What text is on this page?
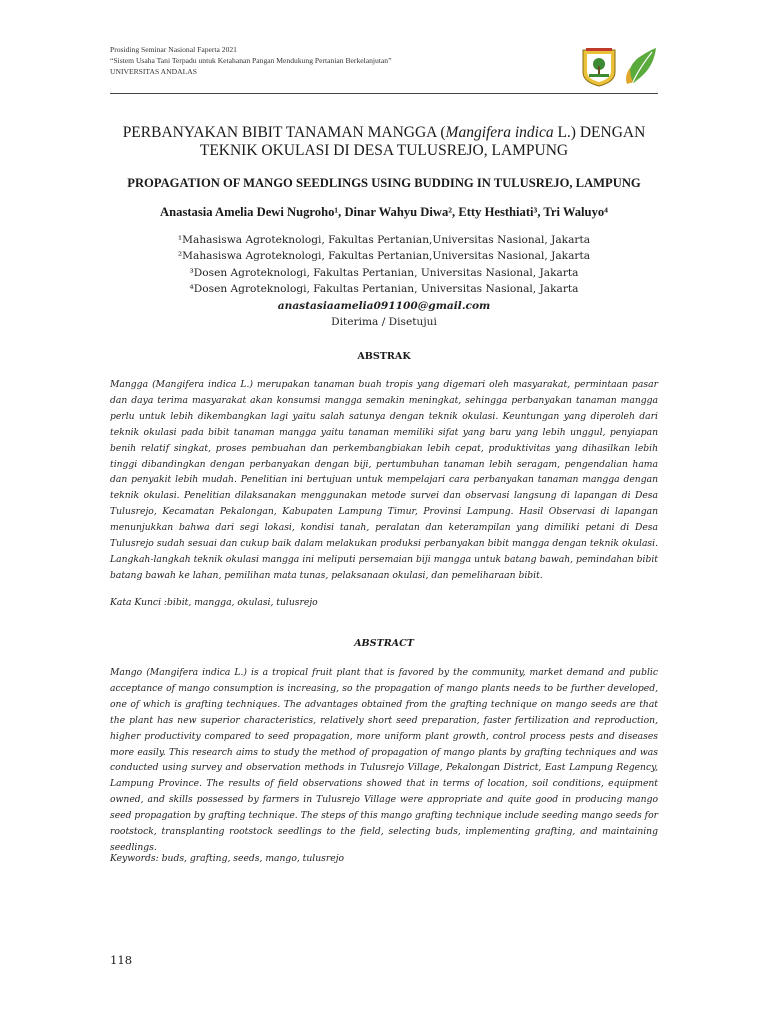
Prosiding Seminar Nasional Faperta 2021
“Sistem Usaha Tani Terpadu untuk Ketahanan Pangan Mendukung Pertanian Berkelanjutan”
UNIVERSITAS ANDALAS
PERBANYAKAN BIBIT TANAMAN MANGGA (Mangifera indica L.) DENGAN TEKNIK OKULASI DI DESA TULUSREJO, LAMPUNG
PROPAGATION OF MANGO SEEDLINGS USING BUDDING IN TULUSREJO, LAMPUNG
Anastasia Amelia Dewi Nugroho¹, Dinar Wahyu Diwa², Etty Hesthiati³, Tri Waluyo⁴
¹Mahasiswa Agroteknologi, Fakultas Pertanian,Universitas Nasional, Jakarta
²Mahasiswa Agroteknologi, Fakultas Pertanian,Universitas Nasional, Jakarta
³Dosen Agroteknologi, Fakultas Pertanian, Universitas Nasional, Jakarta
⁴Dosen Agroteknologi, Fakultas Pertanian, Universitas Nasional, Jakarta
anastasiaamelia091100@gmail.com
Diterima / Disetujui
ABSTRAK
Mangga (Mangifera indica L.) merupakan tanaman buah tropis yang digemari oleh masyarakat, permintaan pasar dan daya terima masyarakat akan konsumsi mangga semakin meningkat, sehingga perbanyakan tanaman mangga perlu untuk lebih dikembangkan lagi yaitu salah satunya dengan teknik okulasi. Keuntungan yang diperoleh dari teknik okulasi pada bibit tanaman mangga yaitu tanaman memiliki sifat yang baru yang lebih unggul, penyiapan benih relatif singkat, proses pembuahan dan perkembangbiakan lebih cepat, produktivitas yang dihasilkan lebih tinggi dibandingkan dengan perbanyakan dengan biji, pertumbuhan tanaman lebih seragam, pengendalian hama dan penyakit lebih mudah. Penelitian ini bertujuan untuk mempelajari cara perbanyakan tanaman mangga dengan teknik okulasi. Penelitian dilaksanakan menggunakan metode survei dan observasi langsung di lapangan di Desa Tulusrejo, Kecamatan Pekalongan, Kabupaten Lampung Timur, Provinsi Lampung. Hasil Observasi di lapangan menunjukkan bahwa dari segi lokasi, kondisi tanah, peralatan dan keterampilan yang dimiliki petani di Desa Tulusrejo sudah sesuai dan cukup baik dalam melakukan produksi perbanyakan bibit mangga dengan teknik okulasi. Langkah-langkah teknik okulasi mangga ini meliputi persemaian biji mangga untuk batang bawah, pemindahan bibit batang bawah ke lahan, pemilihan mata tunas, pelaksanaan okulasi, dan pemeliharaan bibit.
Kata Kunci :bibit, mangga, okulasi, tulusrejo
ABSTRACT
Mango (Mangifera indica L.) is a tropical fruit plant that is favored by the community, market demand and public acceptance of mango consumption is increasing, so the propagation of mango plants needs to be further developed, one of which is grafting techniques. The advantages obtained from the grafting technique on mango seeds are that the plant has new superior characteristics, relatively short seed preparation, faster fertilization and reproduction, higher productivity compared to seed propagation, more uniform plant growth, control process pests and diseases more easily. This research aims to study the method of propagation of mango plants by grafting techniques and was conducted using survey and observation methods in Tulusrejo Village, Pekalongan District, East Lampung Regency, Lampung Province. The results of field observations showed that in terms of location, soil conditions, equipment owned, and skills possessed by farmers in Tulusrejo Village were appropriate and quite good in producing mango seed propagation by grafting technique. The steps of this mango grafting technique include seeding mango seeds for rootstock, transplanting rootstock seedlings to the field, selecting buds, implementing grafting, and maintaining seedlings.
Keywords: buds, grafting, seeds, mango, tulusrejo
118
